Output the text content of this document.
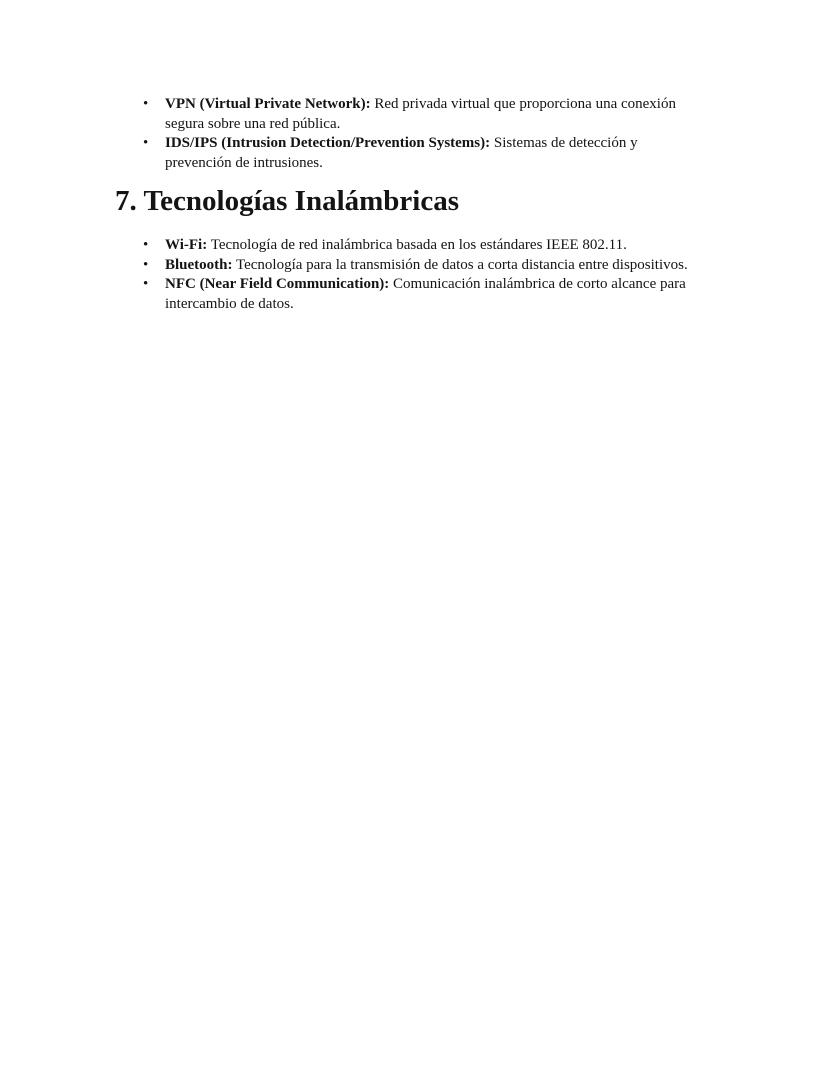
• VPN (Virtual Private Network): Red privada virtual que proporciona una conexión segura sobre una red pública.
• IDS/IPS (Intrusion Detection/Prevention Systems): Sistemas de detección y prevención de intrusiones.
7. Tecnologías Inalámbricas
• Wi-Fi: Tecnología de red inalámbrica basada en los estándares IEEE 802.11.
• Bluetooth: Tecnología para la transmisión de datos a corta distancia entre dispositivos.
• NFC (Near Field Communication): Comunicación inalámbrica de corto alcance para intercambio de datos.
